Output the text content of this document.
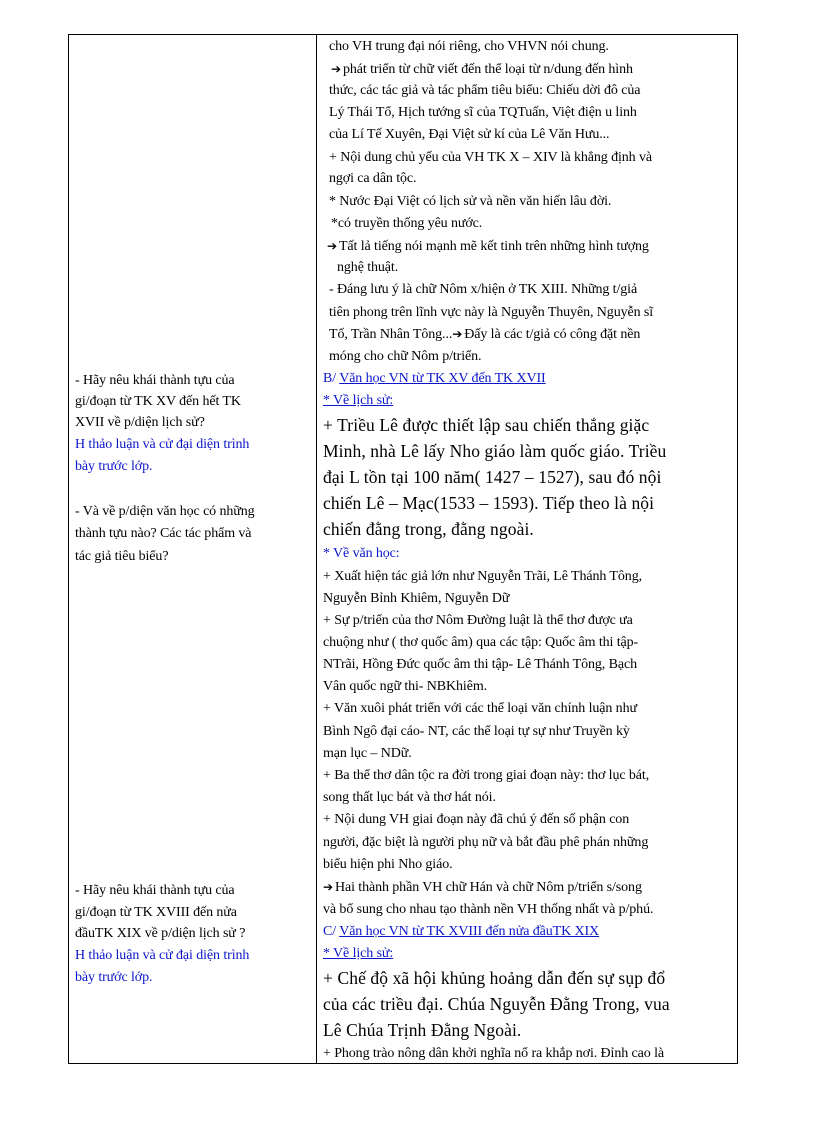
- Hãy nêu khái thành tựu của
gi/đoạn từ TK XV đến hết TK
XVII về p/diện lịch sử?
H thảo luận và cử đại diện trình
bày trước lớp.
- Và về p/diện văn học có những
thành tựu nào? Các tác phẩm và
tác giả tiêu biểu?
- Hãy nêu khái thành tựu của
gi/đoạn từ TK XVIII đến nửa
đầuTK XIX về p/diện lịch sử ?
H thảo luận và cử đại diện trình
bày trước lớp.
cho VH trung đại nói riêng, cho VHVN nói chung.
➔ phát triển từ chữ viết đến thể loại từ n/dung đến hình
thức, các tác giả và tác phẩm tiêu biểu: Chiếu dời đô của
Lý Thái Tổ, Hịch tướng sĩ của TQTuấn, Việt điện u linh
của Lí Tế Xuyên, Đại Việt sử kí của Lê Văn Hưu...
+ Nội dung chủ yếu của VH TK X – XIV là khẳng định và
ngợi ca dân tộc.
* Nước Đại Việt có lịch sử và nền văn hiến lâu đời.
*có truyền thống yêu nước.
➔ Tất lả tiếng nói mạnh mẽ kết tinh trên những hình tượng
nghệ thuật.
- Đáng lưu ý là chữ Nôm x/hiện ở TK XIII. Những t/giả
tiên phong trên lĩnh vực này là Nguyễn Thuyên, Nguyễn sĩ
Tố, Trần Nhân Tông...➔ Đấy là các t/giả có công đặt nền
móng cho chữ Nôm p/triển.
B/ Văn học VN từ TK XV đến TK XVII
* Về lịch sử:
+ Triều Lê được thiết lập sau chiến thắng giặc
Minh, nhà Lê lấy Nho giáo làm quốc giáo. Triều
đại L tồn tại 100 năm( 1427 – 1527), sau đó nội
chiến Lê – Mạc(1533 – 1593). Tiếp theo là nội
chiến đằng trong, đằng ngoài.
* Về văn học:
+ Xuất hiện tác giả lớn như Nguyễn Trãi, Lê Thánh Tông,
Nguyễn Bỉnh Khiêm, Nguyễn Dữ
+ Sự p/triển của thơ Nôm Đường luật là thể thơ được ưa
chuộng như ( thơ quốc âm) qua các tập: Quốc âm thi tập-
NTrãi, Hồng Đức quốc âm thi tập- Lê Thánh Tông, Bạch
Vân quốc ngữ thi- NBKhiêm.
+ Văn xuôi phát triển với các thể loại văn chính luận như
Bình Ngô đại cáo- NT, các thể loại tự sự như Truyền kỳ
mạn lục – NDữ.
+ Ba thể thơ dân tộc ra đời trong giai đoạn này: thơ lục bát,
song thất lục bát và thơ hát nói.
+ Nội dung VH giai đoạn này đã chú ý đến số phận con
người, đặc biệt là người phụ nữ và bắt đầu phê phán những
biểu hiện phi Nho giáo.
➔ Hai thành phần VH chữ Hán và chữ Nôm p/triển s/song
và bổ sung cho nhau tạo thành nền VH thống nhất và p/phú.
C/ Văn học VN từ TK XVIII đến nửa đầuTK XIX
* Về lịch sử:
+ Chế độ xã hội khủng hoảng dẫn đến sự sụp đổ
của các triều đại. Chúa Nguyễn Đằng Trong, vua
Lê Chúa Trịnh Đằng Ngoài.
+ Phong trào nông dân khởi nghĩa nổ ra khắp nơi. Đỉnh cao là
